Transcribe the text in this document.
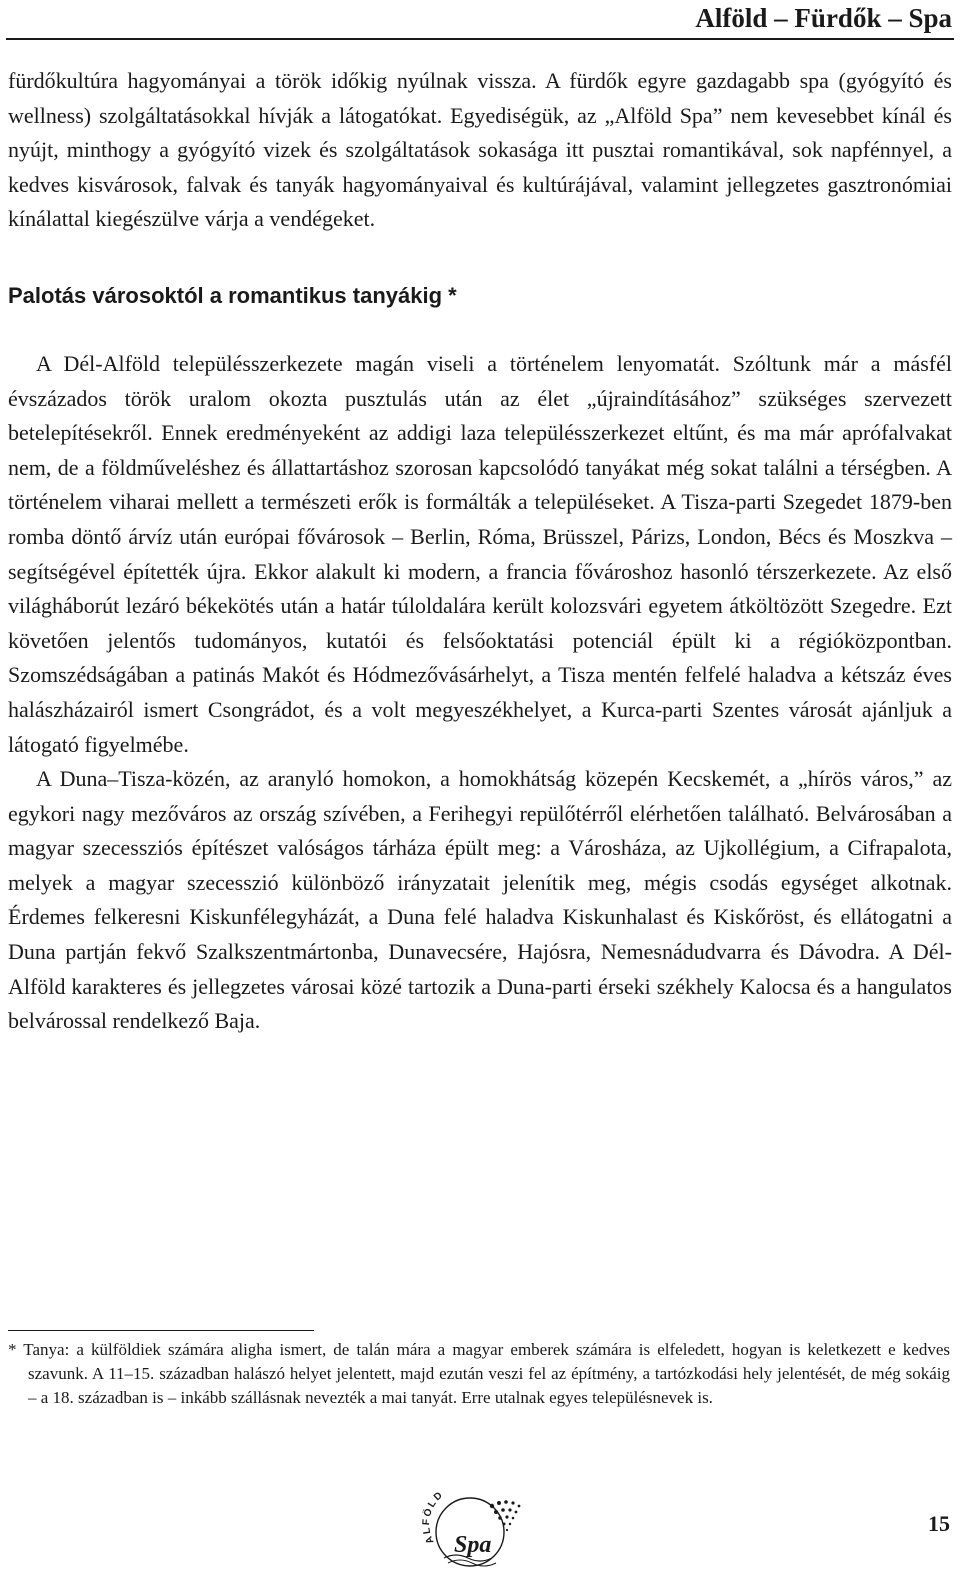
Alföld – Fürdők – Spa

fürdőkultúra hagyományai a török időkig nyúlnak vissza. A fürdők egyre gazdagabb spa (gyógyító és wellness) szolgáltatásokkal hívják a látogatókat. Egyediségük, az „Alföld Spa” nem kevesebbet kínál és nyújt, minthogy a gyógyító vizek és szolgáltatások sokasága itt pusztai romantikával, sok napfénnyel, a kedves kisvárosok, falvak és tanyák hagyományaival és kultúrájával, valamint jellegzetes gasztronómiai kínálattal kiegészülve várja a vendégeket.

Palotás városoktól a romantikus tanyákig *

A Dél-Alföld településszerkezete magán viseli a történelem lenyomatát. Szóltunk már a másfél évszázados török uralom okozta pusztulás után az élet „újraindításához” szükséges szervezett betelepítésekről. Ennek eredményeként az addigi laza településszerkezet eltűnt, és ma már aprófalvakat nem, de a földműveléshez és állattartáshoz szorosan kapcsolódó tanyákat még sokat találni a térségben. A történelem viharai mellett a természeti erők is formálták a településeket. A Tisza-parti Szegedet 1879-ben romba döntő árvíz után európai fővárosok – Berlin, Róma, Brüsszel, Párizs, London, Bécs és Moszkva – segítségével építették újra. Ekkor alakult ki modern, a francia fővároshoz hasonló térszerkezete. Az első világháborút lezáró békekötés után a határ túloldalára került kolozsvári egyetem átköltözött Szegedre. Ezt követően jelentős tudományos, kutatói és felsőoktatási potenciál épült ki a régióközpontban. Szomszédságában a patinás Makót és Hódmezővásárhelyt, a Tisza mentén felfelé haladva a kétszáz éves halászházairól ismert Csongrádot, és a volt megyeszékhelyet, a Kurca-parti Szentes városát ajánljuk a látogató figyelmébe.

A Duna–Tisza-közén, az aranyló homokon, a homokhátság közepén Kecskemét, a „hírös város,” az egykori nagy mezőváros az ország szívében, a Ferihegyi repülőtérről elérhetően található. Belvárosában a magyar szecessziós építészet valóságos tárháza épült meg: a Városháza, az Ujkollégium, a Cifrapalota, melyek a magyar szecesszió különböző irányzatait jelenítik meg, mégis csodás egységet alkotnak. Érdemes felkeresni Kiskunfélegyházát, a Duna felé haladva Kiskunhalast és Kiskőröst, és ellátogatni a Duna partján fekvő Szalkszentmártonba, Dunavecsére, Hajósra, Nemesnádudvarra és Dávodra. A Dél-Alföld karakteres és jellegzetes városai közé tartozik a Duna-parti érseki székhely Kalocsa és a hangulatos belvárossal rendelkező Baja.

* Tanya: a külföldiek számára aligha ismert, de talán mára a magyar emberek számára is elfeledett, hogyan is keletkezett e kedves szavunk. A 11–15. században halászó helyet jelentett, majd ezután veszi fel az építmény, a tartózkodási hely jelentését, de még sokáig – a 18. században is – inkább szállásnak nevezték a mai tanyát. Erre utalnak egyes településnevek is.

ALFÖLD
Spa
15
